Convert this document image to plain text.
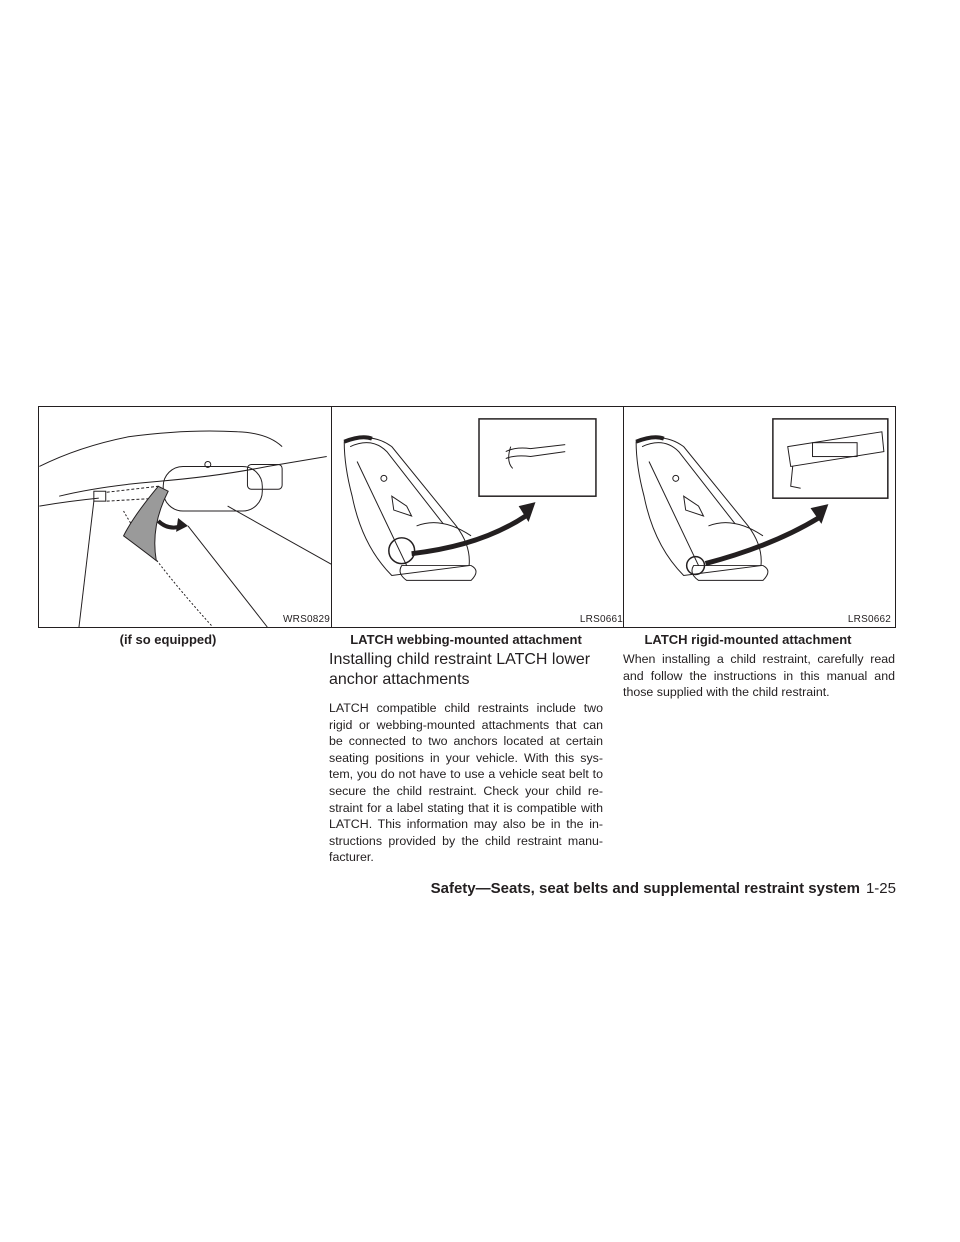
WRS0829	LRS0661	LRS0662
(if so equipped)	LATCH webbing-mounted attachment	LATCH rigid-mounted attachment
Installing child restraint LATCH lower anchor attachments
LATCH compatible child restraints include two rigid or webbing-mounted attachments that can be connected to two anchors located at certain seating positions in your vehicle. With this sys-tem, you do not have to use a vehicle seat belt to secure the child restraint. Check your child re-straint for a label stating that it is compatible with LATCH. This information may also be in the in-structions provided by the child restraint manu-facturer.
When installing a child restraint, carefully read and follow the instructions in this manual and those supplied with the child restraint.
Safety—Seats, seat belts and supplemental restraint system 1-25
